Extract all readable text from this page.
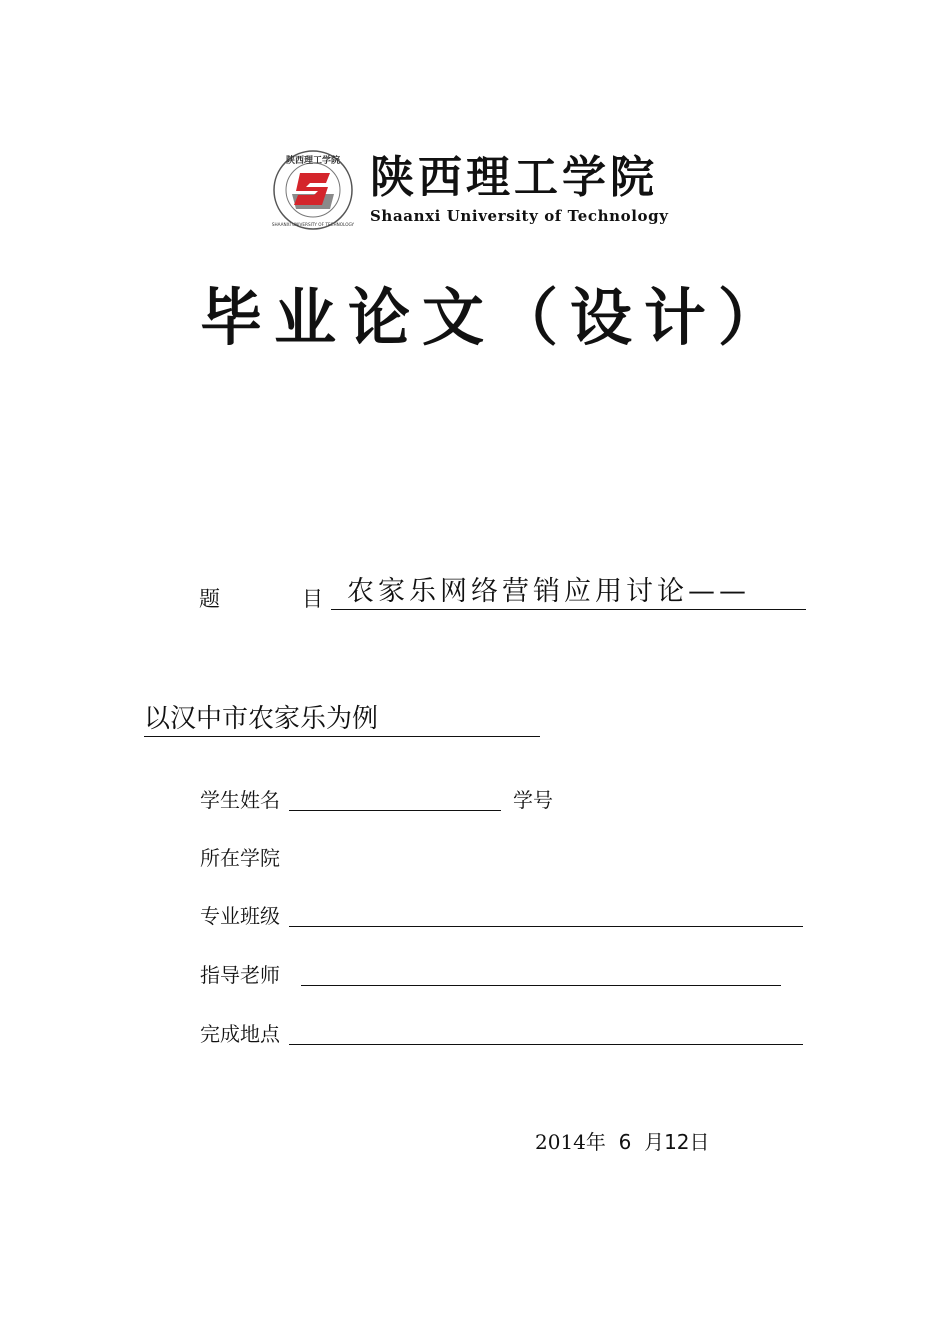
陕西理工学院
SHAANXI UNIVERSITY OF TECHNOLOGY
陕西理工学院
Shaanxi University of Technology
毕 业 论 文 （ 设 计 ）
题	目 农家乐网络营销应用讨论——
以汉中市农家乐为例
学生姓名	学号
所在学院
专业班级
指导老师
完成地点
2014年 6 月12日
